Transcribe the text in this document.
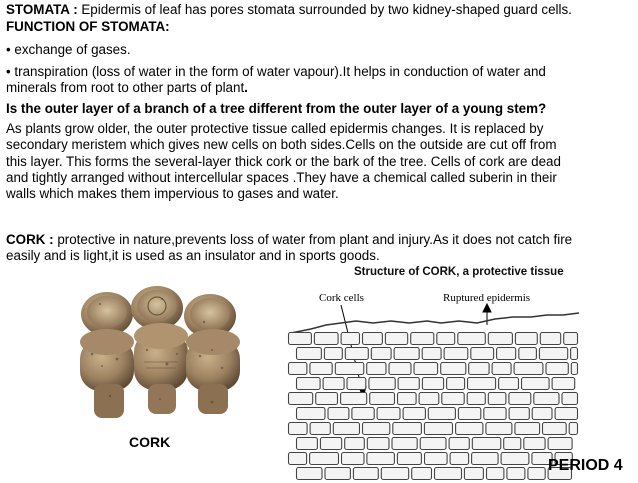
STOMATA : Epidermis of leaf has pores stomata surrounded by two kidney-shaped guard cells.
FUNCTION OF STOMATA:
• exchange of gases.
• transpiration (loss of water in the form of water vapour).It helps in conduction of water and
minerals from root to other parts of plant.
Is the outer layer of a branch of a tree different from the outer layer of a young stem?
As plants grow older, the outer protective tissue called epidermis changes. It is replaced by
secondary meristem which gives new cells on both sides.Cells on the outside are cut off from
this layer. This forms the several-layer thick cork or the bark of the tree. Cells of cork are dead
and tightly arranged without intercellular spaces .They have a chemical called suberin in their
walls which makes them impervious to gases and water.
CORK : protective in nature,prevents loss of water from plant and injury.As it does not catch fire
easily and is light,it is used as an insulator and in sports goods.
Structure of CORK, a protective tissue
Cork cells	Ruptured epidermis
CORK
PERIOD 4
